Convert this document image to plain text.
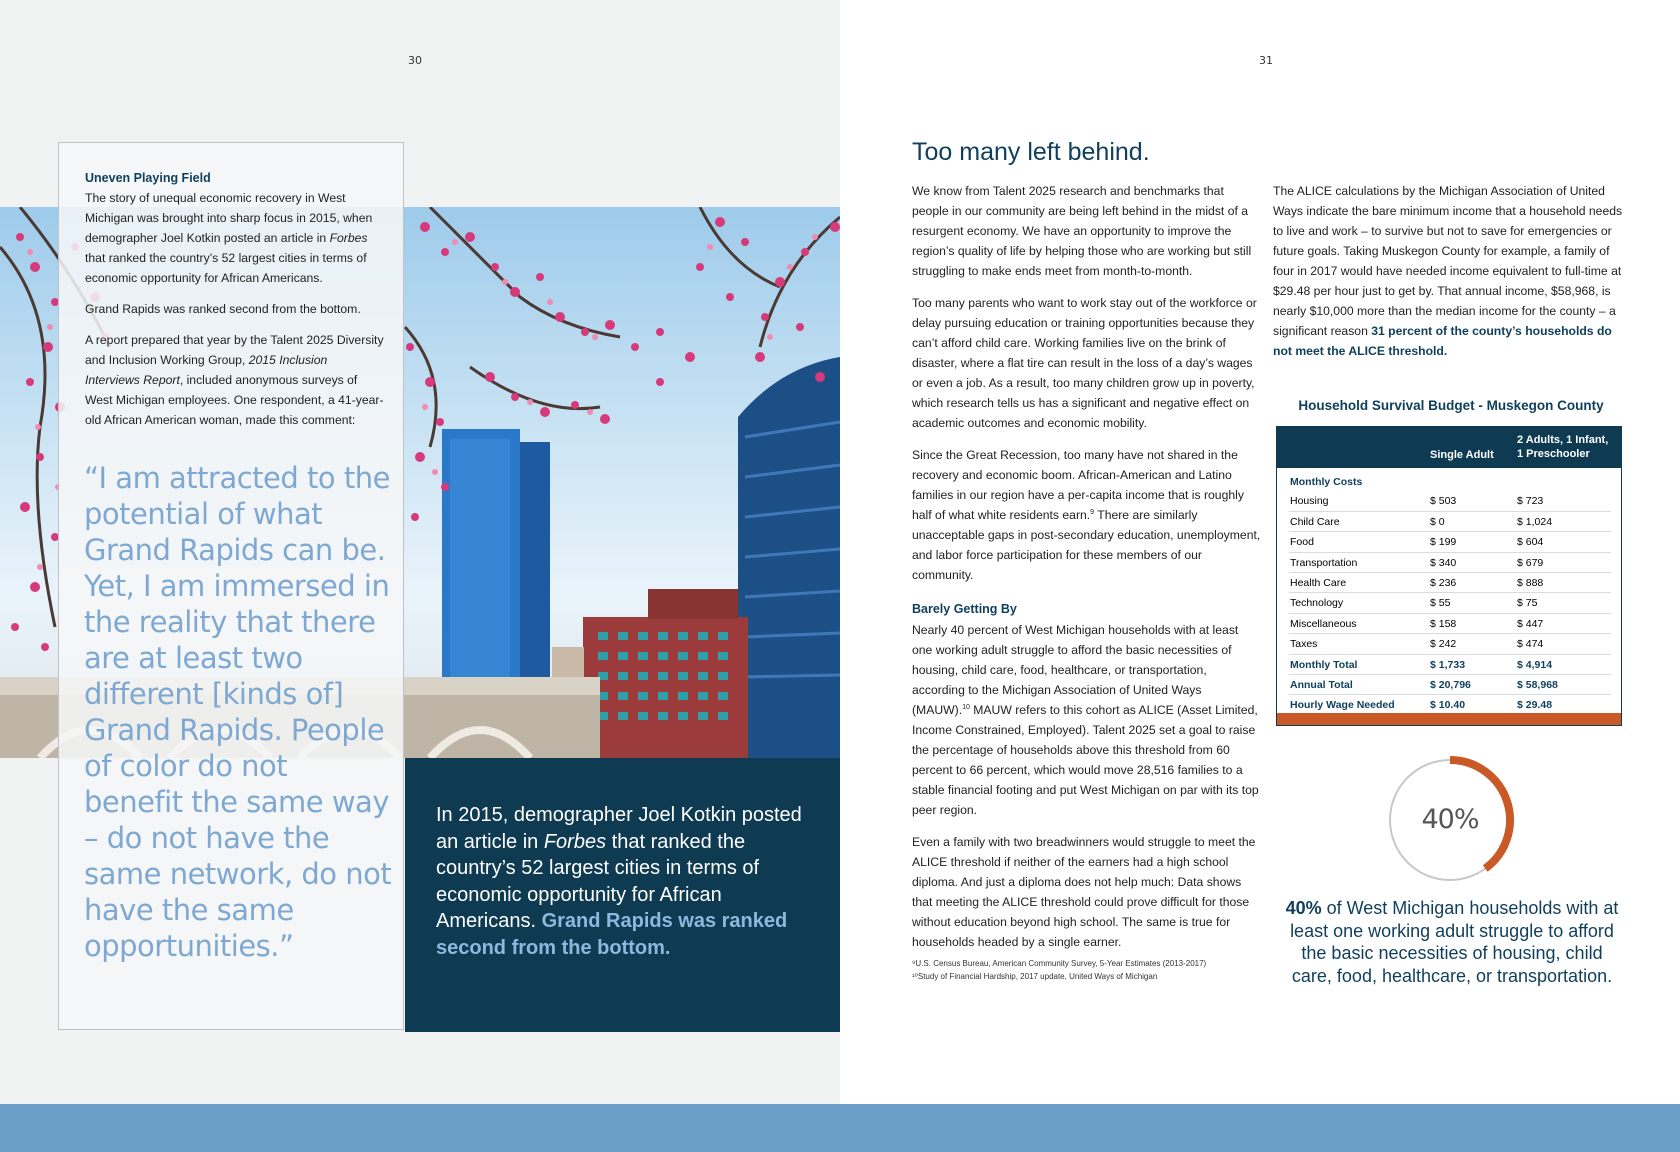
30	31
Uneven Playing Field

The story of unequal economic recovery in West Michigan was brought into sharp focus in 2015, when demographer Joel Kotkin posted an article in Forbes that ranked the country’s 52 largest cities in terms of economic opportunity for African Americans.

Grand Rapids was ranked second from the bottom.

A report prepared that year by the Talent 2025 Diversity and Inclusion Working Group, 2015 Inclusion Interviews Report, included anonymous surveys of West Michigan employees. One respondent, a 41-year-old African American woman, made this comment:

“I am attracted to the potential of what Grand Rapids can be. Yet, I am immersed in the reality that there are at least two different [kinds of] Grand Rapids. People of color do not benefit the same way – do not have the same network, do not have the same opportunities.”

In 2015, demographer Joel Kotkin posted an article in Forbes that ranked the country’s 52 largest cities in terms of economic opportunity for African Americans. Grand Rapids was ranked second from the bottom.

Too many left behind.

We know from Talent 2025 research and benchmarks that people in our community are being left behind in the midst of a resurgent economy. We have an opportunity to improve the region’s quality of life by helping those who are working but still struggling to make ends meet from month-to-month.

Too many parents who want to work stay out of the workforce or delay pursuing education or training opportunities because they can’t afford child care. Working families live on the brink of disaster, where a flat tire can result in the loss of a day’s wages or even a job. As a result, too many children grow up in poverty, which research tells us has a significant and negative effect on academic outcomes and economic mobility.

Since the Great Recession, too many have not shared in the recovery and economic boom. African-American and Latino families in our region have a per-capita income that is roughly half of what white residents earn.$^9$ There are similarly unacceptable gaps in post-secondary education, unemployment, and labor force participation for these members of our community.

Barely Getting By

Nearly 40 percent of West Michigan households with at least one working adult struggle to afford the basic necessities of housing, child care, food, healthcare, or transportation, according to the Michigan Association of United Ways (MAUW).$^{10}$ MAUW refers to this cohort as ALICE (Asset Limited, Income Constrained, Employed). Talent 2025 set a goal to raise the percentage of households above this threshold from 60 percent to 66 percent, which would move 28,516 families to a stable financial footing and put West Michigan on par with its top peer region.

Even a family with two breadwinners would struggle to meet the ALICE threshold if neither of the earners had a high school diploma. And just a diploma does not help much: Data shows that meeting the ALICE threshold could prove difficult for those without education beyond high school. The same is true for households headed by a single earner.

⁹U.S. Census Bureau, American Community Survey, 5-Year Estimates (2013-2017)
¹⁰Study of Financial Hardship, 2017 update, United Ways of Michigan

The ALICE calculations by the Michigan Association of United Ways indicate the bare minimum income that a household needs to live and work – to survive but not to save for emergencies or future goals. Taking Muskegon County for example, a family of four in 2017 would have needed income equivalent to full-time at $29.48 per hour just to get by. That annual income, $58,968, is nearly $10,000 more than the median income for the county – a significant reason 31 percent of the county’s households do not meet the ALICE threshold.

Household Survival Budget - Muskegon County
Single Adult
2 Adults, 1 Infant,
1 Preschooler
Monthly Costs
Housing	$ 503	$ 723
Child Care	$ 0	$ 1,024
Food	$ 199	$ 604
Transportation	$ 340	$ 679
Health Care	$ 236	$ 888
Technology	$ 55	$ 75
Miscellaneous	$ 158	$ 447
Taxes	$ 242	$ 474
Monthly Total	$ 1,733	$ 4,914
Annual Total	$ 20,796	$ 58,968
Hourly Wage Needed	$ 10.40	$ 29.48
40%
40% of West Michigan households with at least one working adult struggle to afford the basic necessities of housing, child care, food, healthcare, or transportation.
